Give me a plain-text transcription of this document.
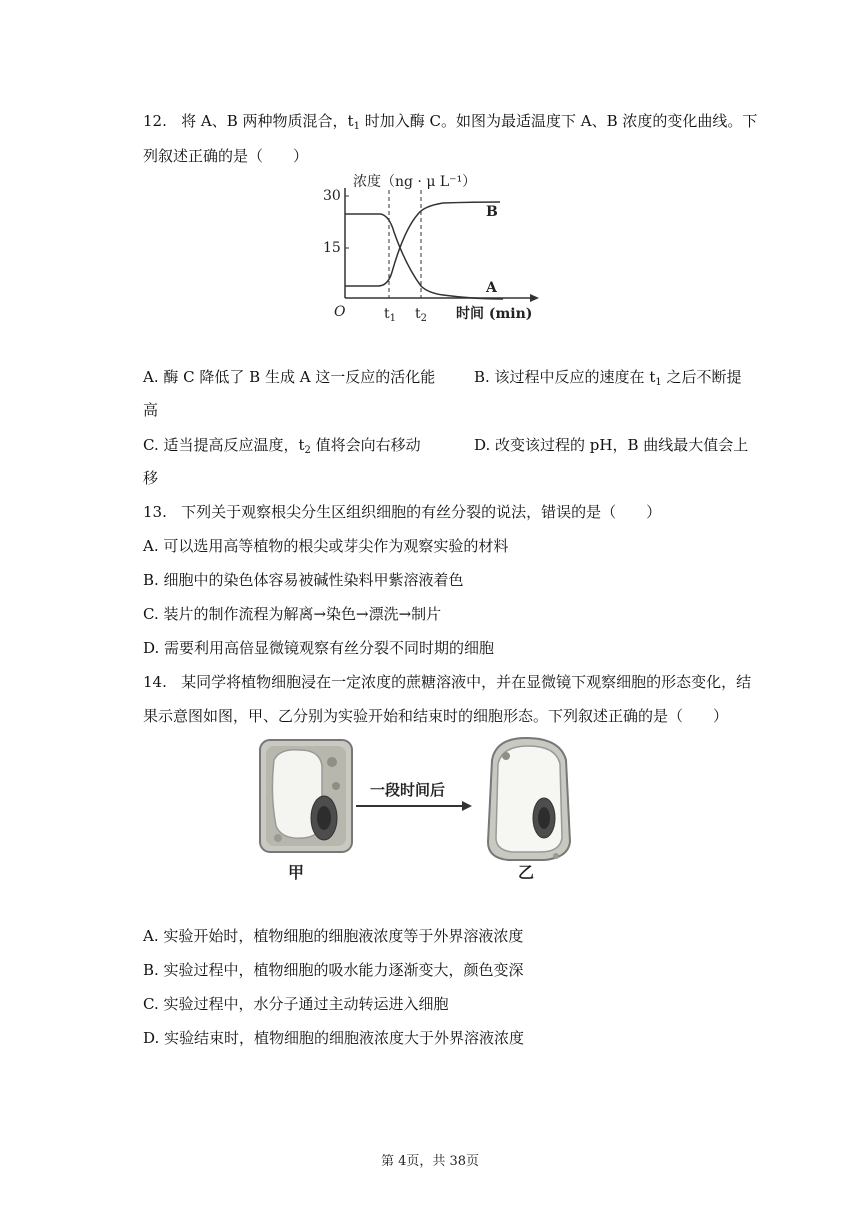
12.   将 A、B 两种物质混合，$t_1$ 时加入酶 C。如图为最适温度下 A、B 浓度的变化曲线。下
列叙述正确的是（　　）
30
15
浓度（ng · μ L⁻¹）
O	$t_1$ $t_2$ 时间 (min)
B
A
A. 酶 C 降低了 B 生成 A 这一反应的活化能	B. 该过程中反应的速度在 $t_1$ 之后不断提
高
C. 适当提高反应温度，$t_2$ 值将会向右移动	D. 改变该过程的 pH，B 曲线最大值会上
移
13.   下列关于观察根尖分生区组织细胞的有丝分裂的说法，错误的是（　　）
A. 可以选用高等植物的根尖或芽尖作为观察实验的材料
B. 细胞中的染色体容易被碱性染料甲紫溶液着色
C. 装片的制作流程为解离→染色→漂洗→制片
D. 需要利用高倍显微镜观察有丝分裂不同时期的细胞
14.   某同学将植物细胞浸在一定浓度的蔗糖溶液中，并在显微镜下观察细胞的形态变化，结
果示意图如图，甲、乙分别为实验开始和结束时的细胞形态。下列叙述正确的是（　　）
一段时间后
甲	乙
A. 实验开始时，植物细胞的细胞液浓度等于外界溶液浓度
B. 实验过程中，植物细胞的吸水能力逐渐变大，颜色变深
C. 实验过程中，水分子通过主动转运进入细胞
D. 实验结束时，植物细胞的细胞液浓度大于外界溶液浓度
第 4页，共 38页
